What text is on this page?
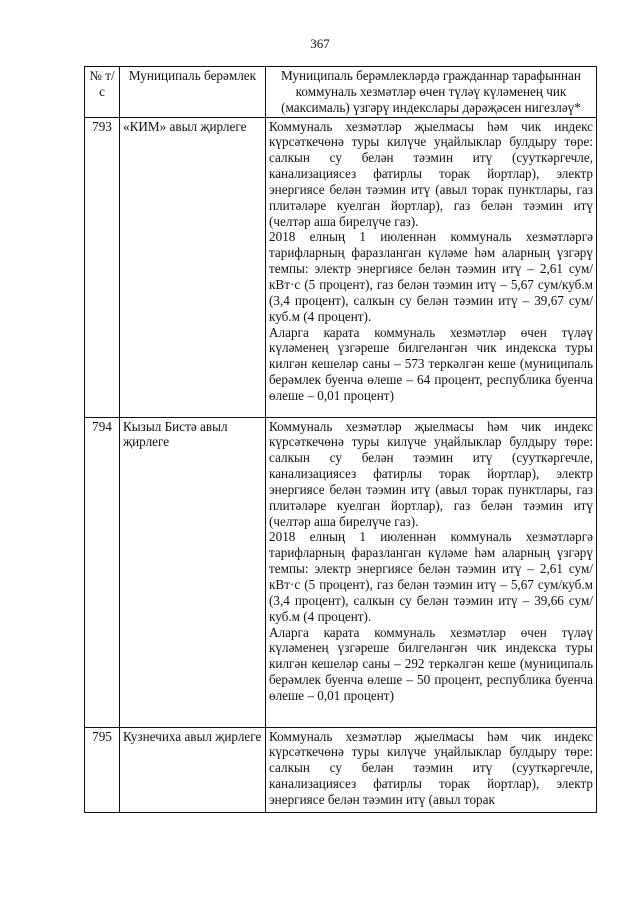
367
№ т/с	Муниципаль берәмлек	Муниципаль берәмлекләрдә гражданнар тарафыннан коммуналь хезмәтләр өчен түләү күләменең чик (максималь) үзгәрү индекслары дәрәҗәсен нигезләү*
793	«КИМ» авыл җирлеге	Коммуналь хезмәтләр җыелмасы һәм чик индекс күрсәткечөнә туры килүче уңайлыклар булдыру төре: салкын су белән тәэмин итү (сууткәргечле, канализациясез фатирлы торак йортлар), электр энергиясе белән тәэмин итү (авыл торак пунктлары, газ плитәләре куелган йортлар), газ белән тәэмин итү (челтәр аша бирелүче газ).

2018 елның 1 июленнән коммуналь хезмәтләргә тарифларның фаразланган күләме һәм аларның үзгәрү темпы: электр энергиясе белән тәэмин итү – 2,61 сум/кВт·с (5 процент), газ белән тәэмин итү – 5,67 сум/куб.м (3,4 процент), салкын су белән тәэмин итү – 39,67 сум/куб.м (4 процент).

Аларга карата коммуналь хезмәтләр өчен түләү күләменең үзгәреше билгеләнгән чик индекска туры килгән кешеләр саны – 573 теркәлгән кеше (муниципаль берәмлек буенча өлеше – 64 процент, республика буенча өлеше – 0,01 процент)

794	Кызыл Бистә авыл җирлеге	Коммуналь хезмәтләр җыелмасы һәм чик индекс күрсәткечөнә туры килүче уңайлыклар булдыру төре: салкын су белән тәэмин итү (сууткәргечле, канализациясез фатирлы торак йортлар), электр энергиясе белән тәэмин итү (авыл торак пунктлары, газ плитәләре куелган йортлар), газ белән тәэмин итү (челтәр аша бирелүче газ).

2018 елның 1 июленнән коммуналь хезмәтләргә тарифларның фаразланган күләме һәм аларның үзгәрү темпы: электр энергиясе белән тәэмин итү – 2,61 сум/кВт·с (5 процент), газ белән тәэмин итү – 5,67 сум/куб.м (3,4 процент), салкын су белән тәэмин итү – 39,66 сум/куб.м (4 процент).

Аларга карата коммуналь хезмәтләр өчен түләү күләменең үзгәреше билгеләнгән чик индекска туры килгән кешеләр саны – 292 теркәлгән кеше (муниципаль берәмлек буенча өлеше – 50 процент, республика буенча өлеше – 0,01 процент)

795	Кузнечиха авыл җирлеге	Коммуналь хезмәтләр җыелмасы һәм чик индекс күрсәткечөнә туры килүче уңайлыклар булдыру төре: салкын су белән тәэмин итү (сууткәргечле, канализациясез фатирлы торак йортлар), электр энергиясе белән тәэмин итү (авыл торак
